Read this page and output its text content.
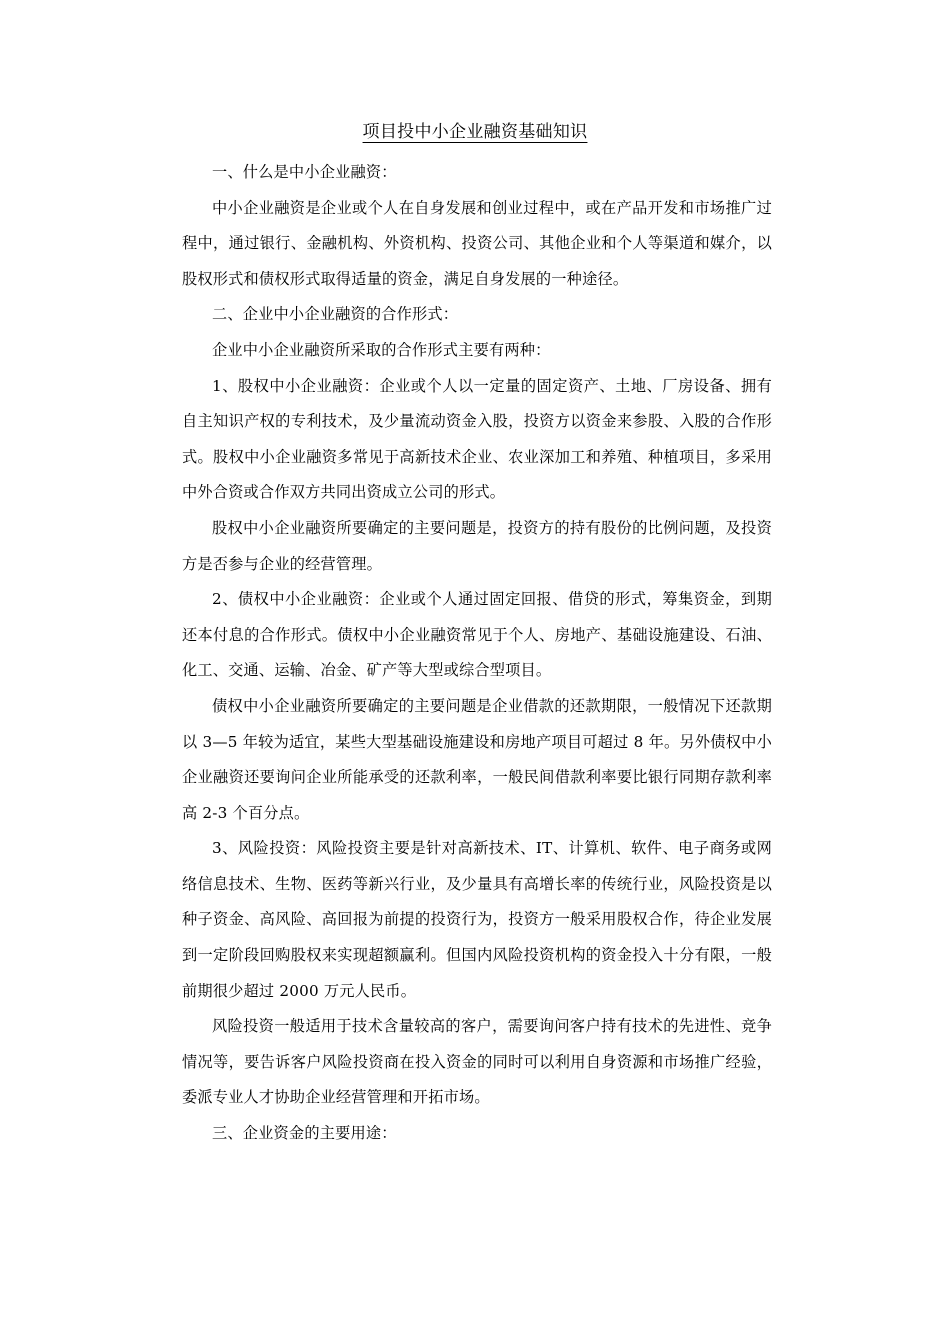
项目投中小企业融资基础知识

一、什么是中小企业融资：

中小企业融资是企业或个人在自身发展和创业过程中，或在产品开发和市场推广过程中，通过银行、金融机构、外资机构、投资公司、其他企业和个人等渠道和媒介，以股权形式和债权形式取得适量的资金，满足自身发展的一种途径。

二、企业中小企业融资的合作形式：

企业中小企业融资所采取的合作形式主要有两种：

1、股权中小企业融资：企业或个人以一定量的固定资产、土地、厂房设备、拥有自主知识产权的专利技术，及少量流动资金入股，投资方以资金来参股、入股的合作形式。股权中小企业融资多常见于高新技术企业、农业深加工和养殖、种植项目，多采用中外合资或合作双方共同出资成立公司的形式。

股权中小企业融资所要确定的主要问题是，投资方的持有股份的比例问题，及投资方是否参与企业的经营管理。

2、债权中小企业融资：企业或个人通过固定回报、借贷的形式，筹集资金，到期还本付息的合作形式。债权中小企业融资常见于个人、房地产、基础设施建设、石油、化工、交通、运输、冶金、矿产等大型或综合型项目。

债权中小企业融资所要确定的主要问题是企业借款的还款期限，一般情况下还款期以 3—5 年较为适宜，某些大型基础设施建设和房地产项目可超过 8 年。另外债权中小企业融资还要询问企业所能承受的还款利率，一般民间借款利率要比银行同期存款利率高 2-3 个百分点。

3、风险投资：风险投资主要是针对高新技术、IT、计算机、软件、电子商务或网络信息技术、生物、医药等新兴行业，及少量具有高增长率的传统行业，风险投资是以种子资金、高风险、高回报为前提的投资行为，投资方一般采用股权合作，待企业发展到一定阶段回购股权来实现超额赢利。但国内风险投资机构的资金投入十分有限，一般前期很少超过 2000 万元人民币。

风险投资一般适用于技术含量较高的客户，需要询问客户持有技术的先进性、竞争情况等，要告诉客户风险投资商在投入资金的同时可以利用自身资源和市场推广经验，委派专业人才协助企业经营管理和开拓市场。

三、企业资金的主要用途：
